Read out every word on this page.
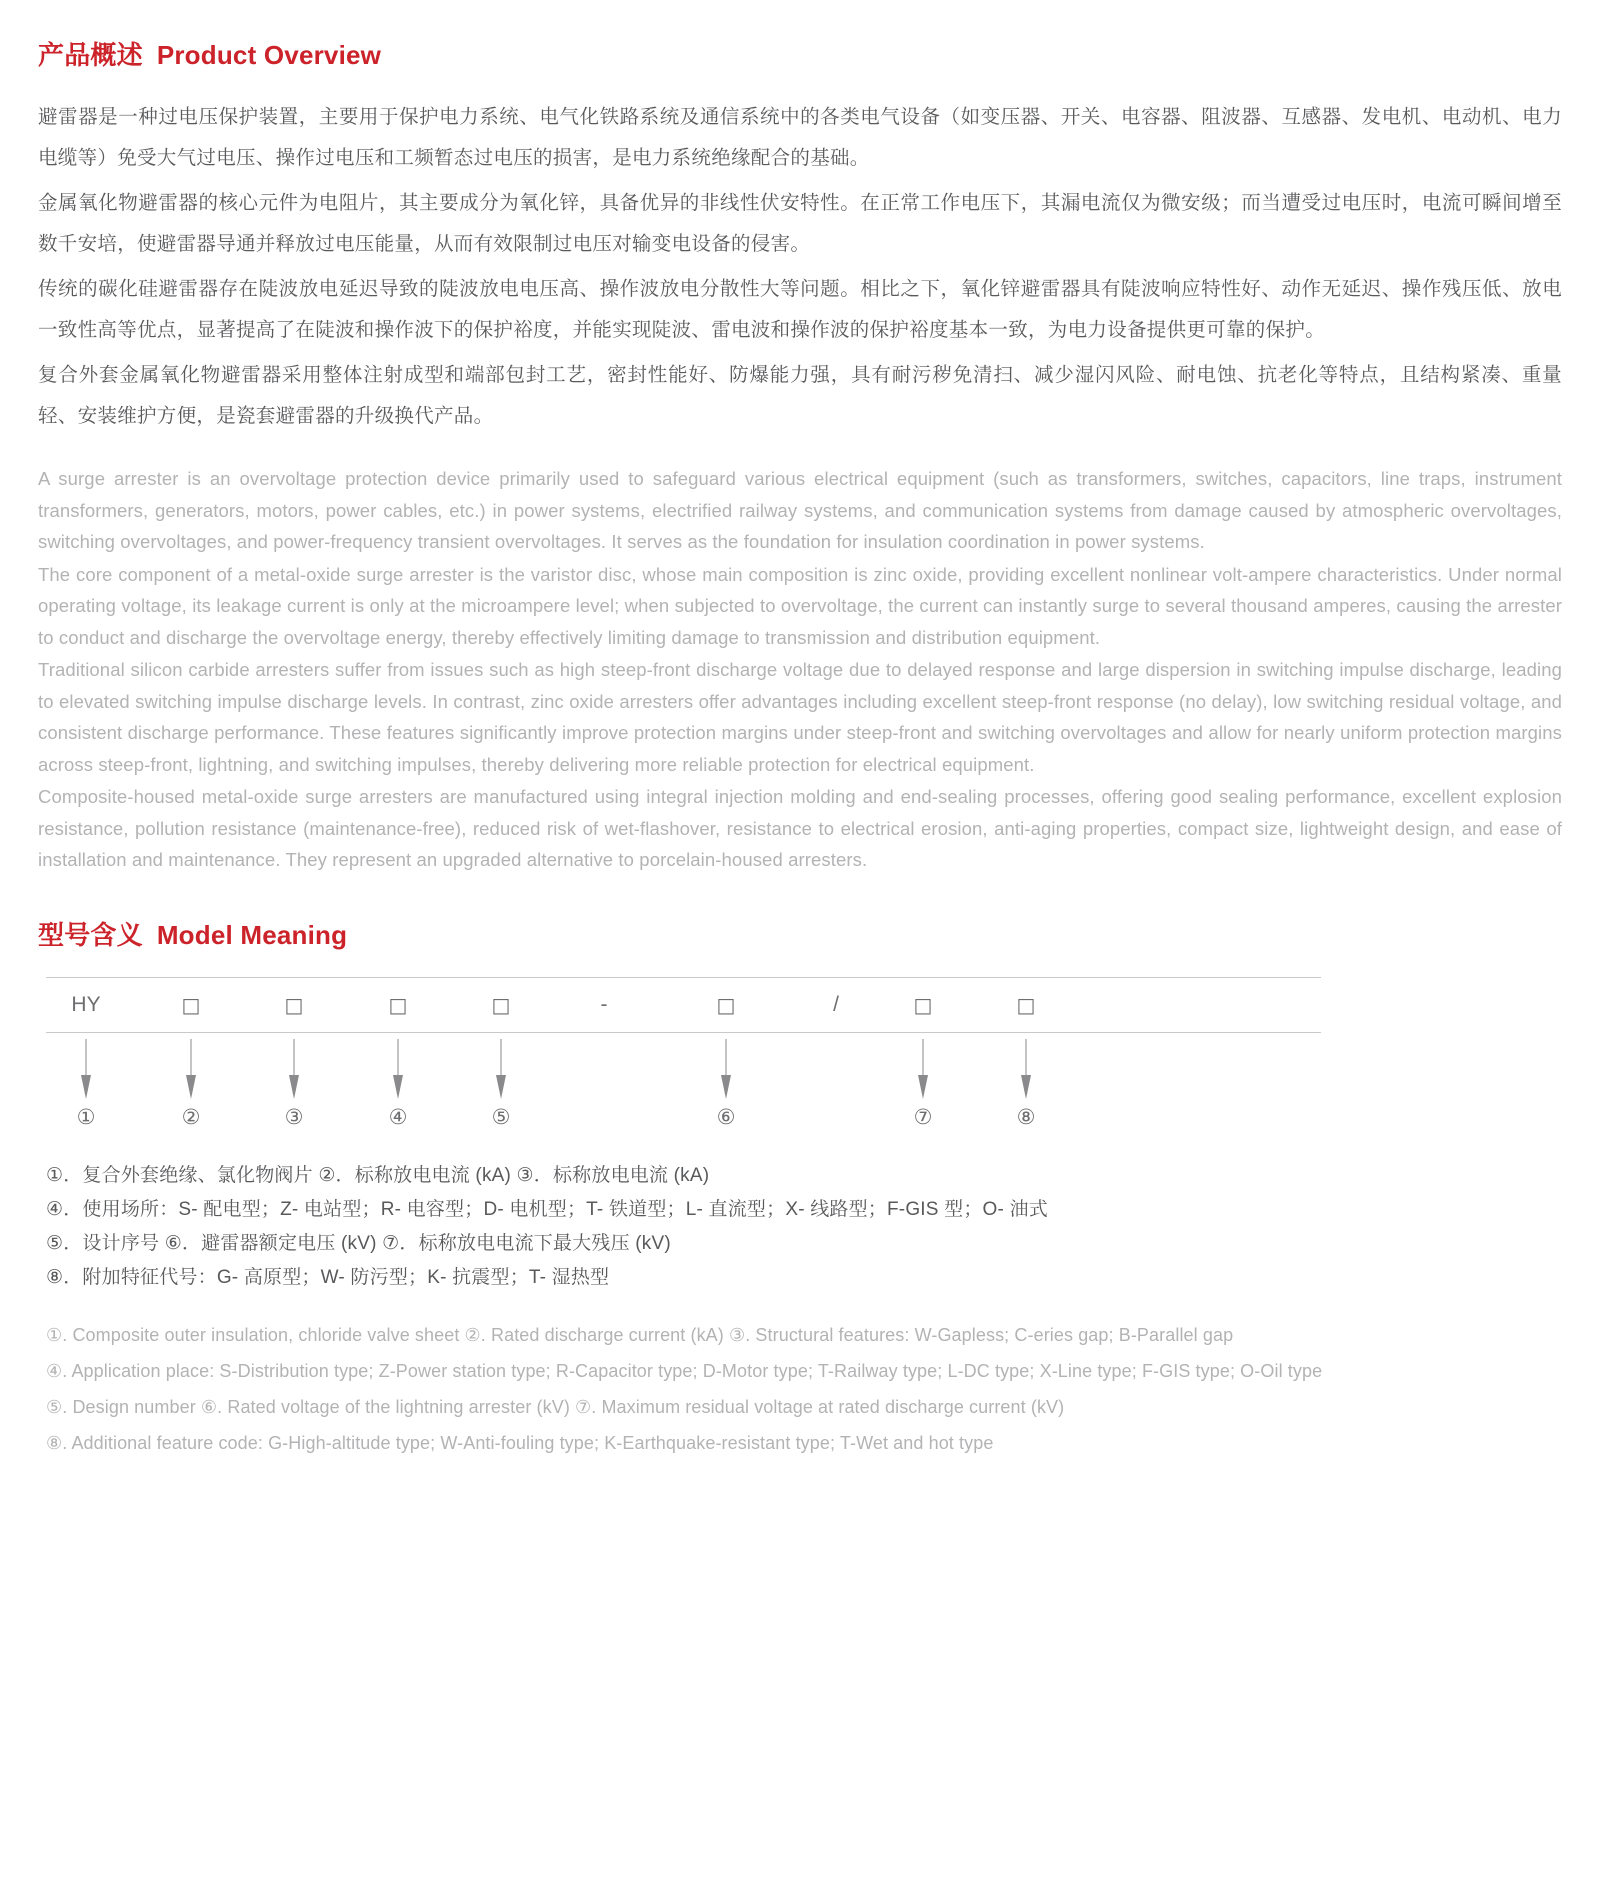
产品概述 Product Overview

避雷器是一种过电压保护装置，主要用于保护电力系统、电气化铁路系统及通信系统中的各类电气设备（如变压器、开关、电容器、阻波器、互感器、发电机、电动机、电力电缆等）免受大气过电压、操作过电压和工频暂态过电压的损害，是电力系统绝缘配合的基础。

金属氧化物避雷器的核心元件为电阻片，其主要成分为氧化锌，具备优异的非线性伏安特性。在正常工作电压下，其漏电流仅为微安级；而当遭受过电压时，电流可瞬间增至数千安培，使避雷器导通并释放过电压能量，从而有效限制过电压对输变电设备的侵害。

传统的碳化硅避雷器存在陡波放电延迟导致的陡波放电电压高、操作波放电分散性大等问题。相比之下，氧化锌避雷器具有陡波响应特性好、动作无延迟、操作残压低、放电一致性高等优点，显著提高了在陡波和操作波下的保护裕度，并能实现陡波、雷电波和操作波的保护裕度基本一致，为电力设备提供更可靠的保护。

复合外套金属氧化物避雷器采用整体注射成型和端部包封工艺，密封性能好、防爆能力强，具有耐污秽免清扫、减少湿闪风险、耐电蚀、抗老化等特点，且结构紧凑、重量轻、安装维护方便，是瓷套避雷器的升级换代产品。

A surge arrester is an overvoltage protection device primarily used to safeguard various electrical equipment (such as transformers, switches, capacitors, line traps, instrument transformers, generators, motors, power cables, etc.) in power systems, electrified railway systems, and communication systems from damage caused by atmospheric overvoltages, switching overvoltages, and power-frequency transient overvoltages. It serves as the foundation for insulation coordination in power systems.

The core component of a metal-oxide surge arrester is the varistor disc, whose main composition is zinc oxide, providing excellent nonlinear volt-ampere characteristics. Under normal operating voltage, its leakage current is only at the microampere level; when subjected to overvoltage, the current can instantly surge to several thousand amperes, causing the arrester to conduct and discharge the overvoltage energy, thereby effectively limiting damage to transmission and distribution equipment.

Traditional silicon carbide arresters suffer from issues such as high steep-front discharge voltage due to delayed response and large dispersion in switching impulse discharge, leading to elevated switching impulse discharge levels. In contrast, zinc oxide arresters offer advantages including excellent steep-front response (no delay), low switching residual voltage, and consistent discharge performance. These features significantly improve protection margins under steep-front and switching overvoltages and allow for nearly uniform protection margins across steep-front, lightning, and switching impulses, thereby delivering more reliable protection for electrical equipment.

Composite-housed metal-oxide surge arresters are manufactured using integral injection molding and end-sealing processes, offering good sealing performance, excellent explosion resistance, pollution resistance (maintenance-free), reduced risk of wet-flashover, resistance to electrical erosion, anti-aging properties, compact size, lightweight design, and ease of installation and maintenance. They represent an upgraded alternative to porcelain-housed arresters.

型号含义 Model Meaning
HY	□	□	□	□	-	□	/	□	□
①	②	③	④	⑤	⑥	⑦	⑧
①．复合外套绝缘、氯化物阀片 ②．标称放电电流 (kA) ③．标称放电电流 (kA)
④．使用场所：S- 配电型；Z- 电站型；R- 电容型；D- 电机型；T- 铁道型；L- 直流型；X- 线路型；F-GIS 型；O- 油式
⑤．设计序号 ⑥．避雷器额定电压 (kV) ⑦．标称放电电流下最大残压 (kV)
⑧．附加特征代号：G- 高原型；W- 防污型；K- 抗震型；T- 湿热型
①. Composite outer insulation, chloride valve sheet ②. Rated discharge current (kA) ③. Structural features: W-Gapless; C-eries gap; B-Parallel gap
④. Application place: S-Distribution type; Z-Power station type; R-Capacitor type; D-Motor type; T-Railway type; L-DC type; X-Line type; F-GIS type; O-Oil type
⑤. Design number ⑥. Rated voltage of the lightning arrester (kV) ⑦. Maximum residual voltage at rated discharge current (kV)
⑧. Additional feature code: G-High-altitude type; W-Anti-fouling type; K-Earthquake-resistant type; T-Wet and hot type
